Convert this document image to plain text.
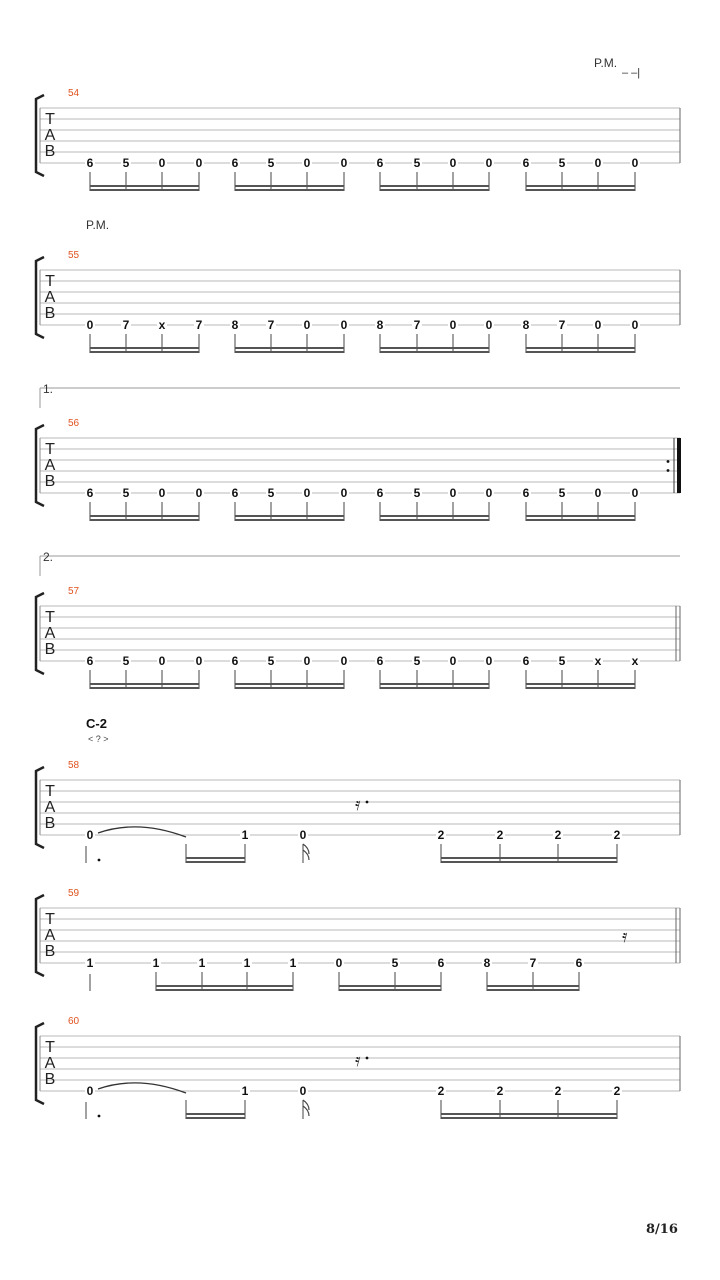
P.M.
– –|
54
T
A
B
6 5 0	0 6 5 0	0 6	5 0 0	6 5 0	0
P.M.
55
T
A
B
0 7 x	7 8 7 0	0 8	7 0 0	8 7 0	0
1.
56
T
A
B
6 5 0	0 6 5 0	0 6	5 0 0	6 5 0	0
2.
57
T
A
B
6 5 0	0 6 5 0	0 6	5 0 0	6 5 x	x
C-2
< ? >
58
T
A
B
0	1	0	2	2	2	2
𝄿
59
T
A
B
1	1	1	1	1	0	5	6	8	7	6
𝄿
60
T
A
B
0	1	0	2	2	2	2
𝄿
8/16
